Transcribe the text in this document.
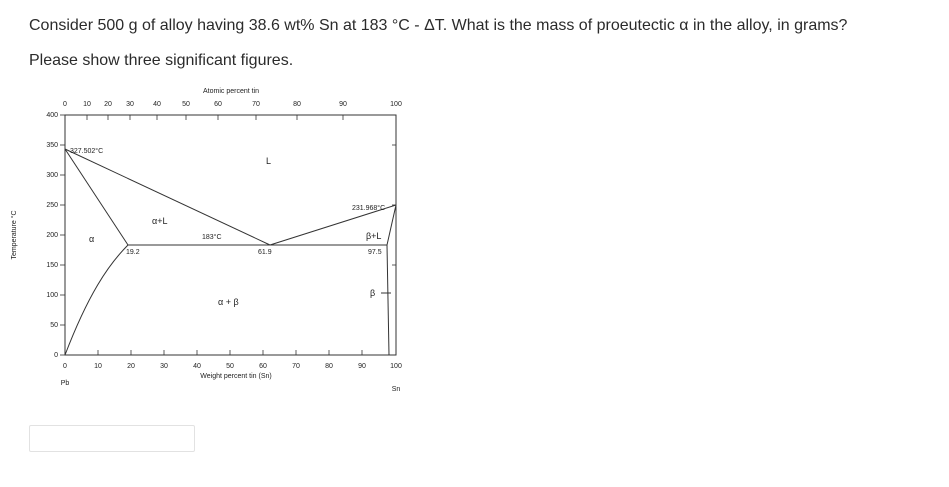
Consider 500 g of alloy having 38.6 wt% Sn at 183 °C - ΔT. What is the mass of proeutectic α in the alloy, in grams?
Please show three significant figures.
Atomic percent tin
0 10 20 30	40	50	60	70	80	90	100
400
350
300
250
200
150
100
50
0
Temperature °C
0	10	20	30	40	50	60	70	80	90	100
Weight percent tin (Sn)
Pb
Sn
327.502°C
231.968°C
183°C
19.2	61.9	97.5
L
α+L
α	β+L
α + β
β
